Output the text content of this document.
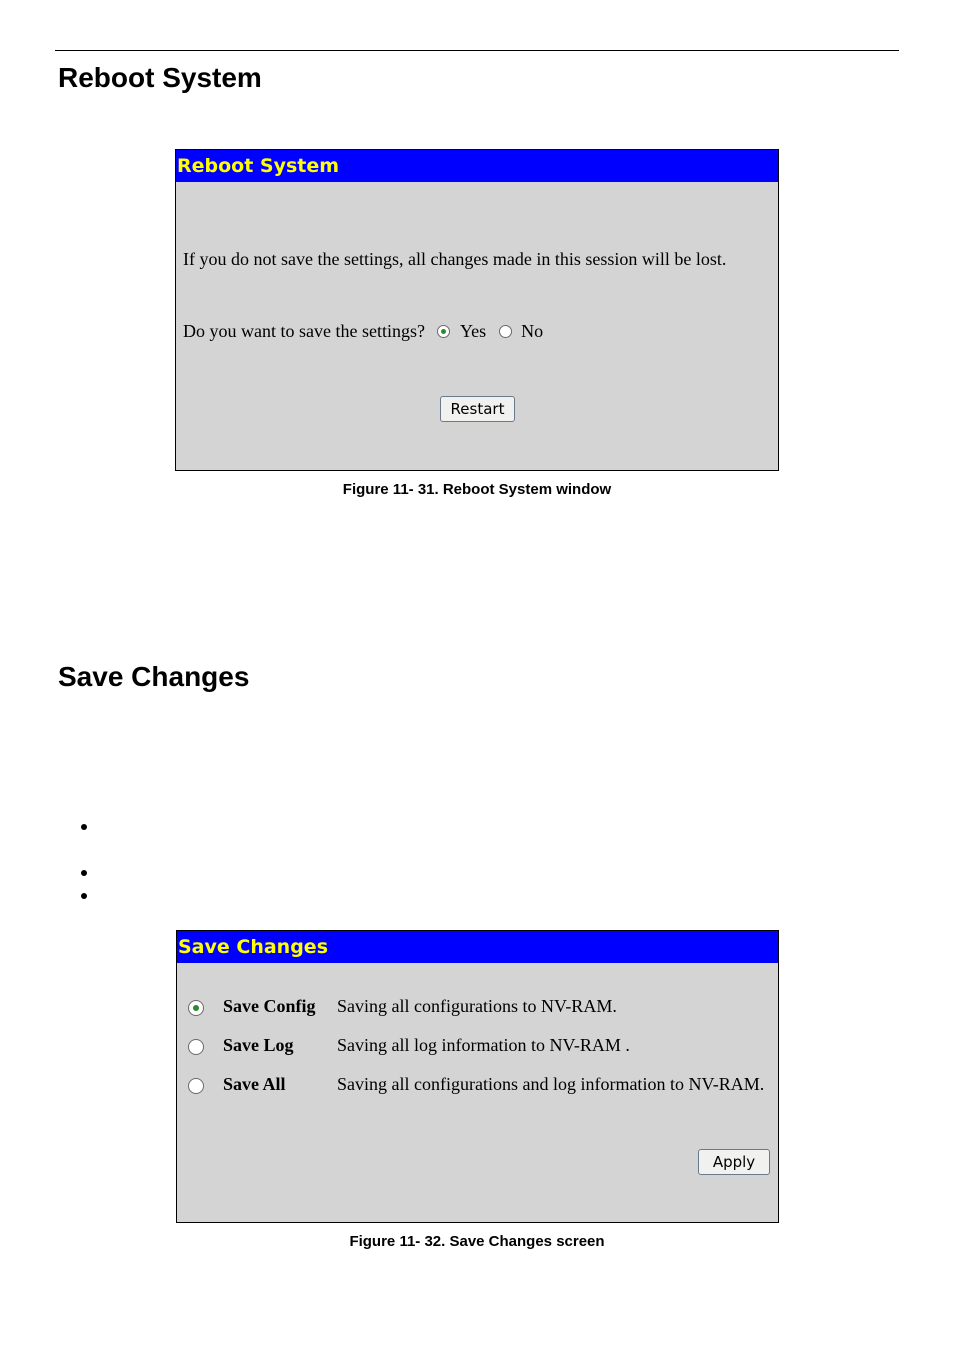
Reboot System
Reboot System
If you do not save the settings, all changes made in this session will be lost.
Do you want to save the settings? Yes No
Restart
Figure 11- 31. Reboot System window
Save Changes
Save Changes
Save Config Saving all configurations to NV-RAM.
Save Log Saving all log information to NV-RAM .
Save All	Saving all configurations and log information to NV-RAM.
Apply
Figure 11- 32. Save Changes screen
